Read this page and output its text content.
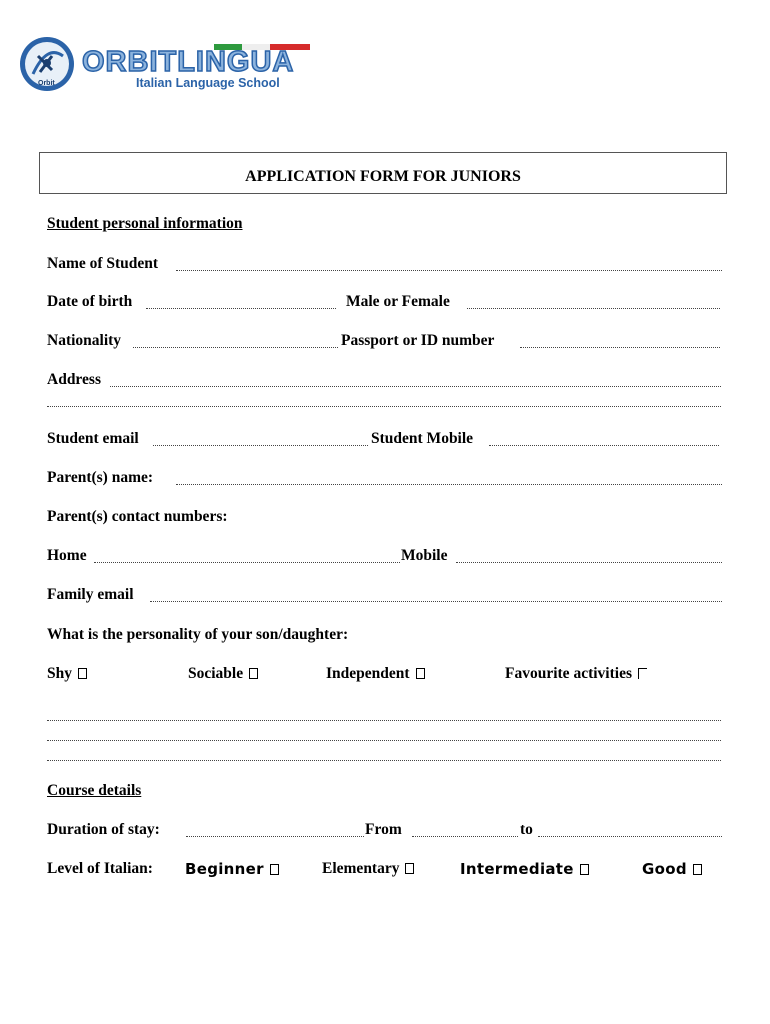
Orbit
ORBITLINGUA
Italian Language School
APPLICATION FORM FOR JUNIORS
Student personal information
Name of Student
Date of birth	Male or Female
Nationality	Passport or ID number
Address
Student email	Student Mobile
Parent(s) name:
Parent(s) contact numbers:
Home	Mobile
Family email
What is the personality of your son/daughter:
Shy	Sociable	Independent	Favourite activities
Course details
Duration of stay:	From	to
Level of Italian: Beginner	Elementary	Intermediate	Good
